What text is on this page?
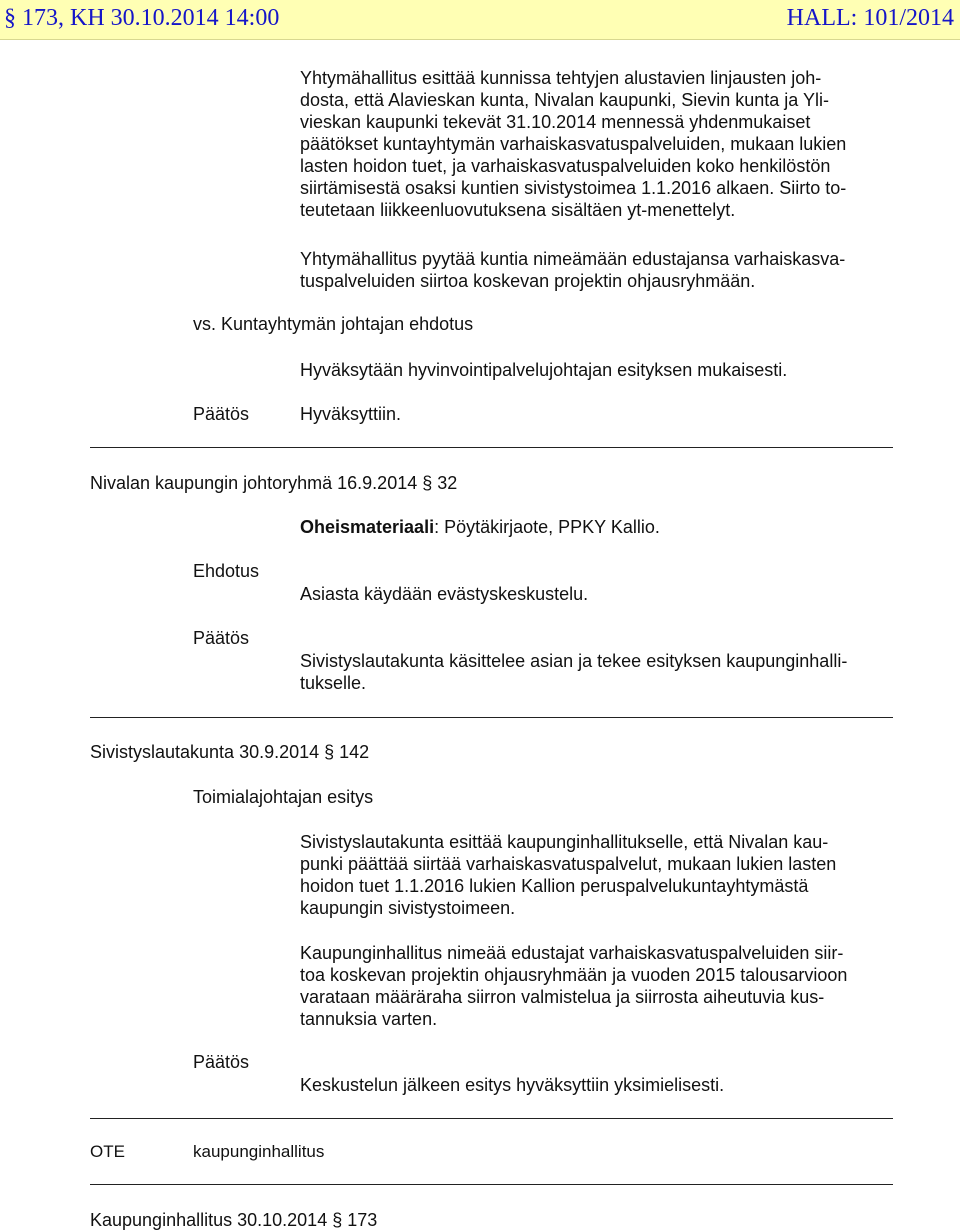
§ 173, KH 30.10.2014 14:00	HALL: 101/2014
Yhtymähallitus esittää kunnissa tehtyjen alustavien linjausten joh-
dosta, että Alavieskan kunta, Nivalan kaupunki, Sievin kunta ja Yli-
vieskan kaupunki tekevät 31.10.2014 mennessä yhdenmukaiset
päätökset kuntayhtymän varhaiskasvatuspalveluiden, mukaan lukien
lasten hoidon tuet, ja varhaiskasvatuspalveluiden koko henkilöstön
siirtämisestä osaksi kuntien sivistystoimea 1.1.2016 alkaen. Siirto to-
teutetaan liikkeenluovutuksena sisältäen yt-menettelyt.
Yhtymähallitus pyytää kuntia nimeämään edustajansa varhaiskasva-
tuspalveluiden siirtoa koskevan projektin ohjausryhmään.
vs. Kuntayhtymän johtajan ehdotus
Hyväksytään hyvinvointipalvelujohtajan esityksen mukaisesti.
Päätös	Hyväksyttiin.
Nivalan kaupungin johtoryhmä 16.9.2014 § 32
Oheismateriaali: Pöytäkirjaote, PPKY Kallio.
Ehdotus
Asiasta käydään evästyskeskustelu.
Päätös
Sivistyslautakunta käsittelee asian ja tekee esityksen kaupunginhalli-
tukselle.
Sivistyslautakunta 30.9.2014 § 142
Toimialajohtajan esitys
Sivistyslautakunta esittää kaupunginhallitukselle, että Nivalan kau-
punki päättää siirtää varhaiskasvatuspalvelut, mukaan lukien lasten
hoidon tuet 1.1.2016 lukien Kallion peruspalvelukuntayhtymästä
kaupungin sivistystoimeen.
Kaupunginhallitus nimeää edustajat varhaiskasvatuspalveluiden siir-
toa koskevan projektin ohjausryhmään ja vuoden 2015 talousarvioon
varataan määräraha siirron valmistelua ja siirrosta aiheutuvia kus-
tannuksia varten.
Päätös
Keskustelun jälkeen esitys hyväksyttiin yksimielisesti.
OTE	kaupunginhallitus
Kaupunginhallitus 30.10.2014 § 173
